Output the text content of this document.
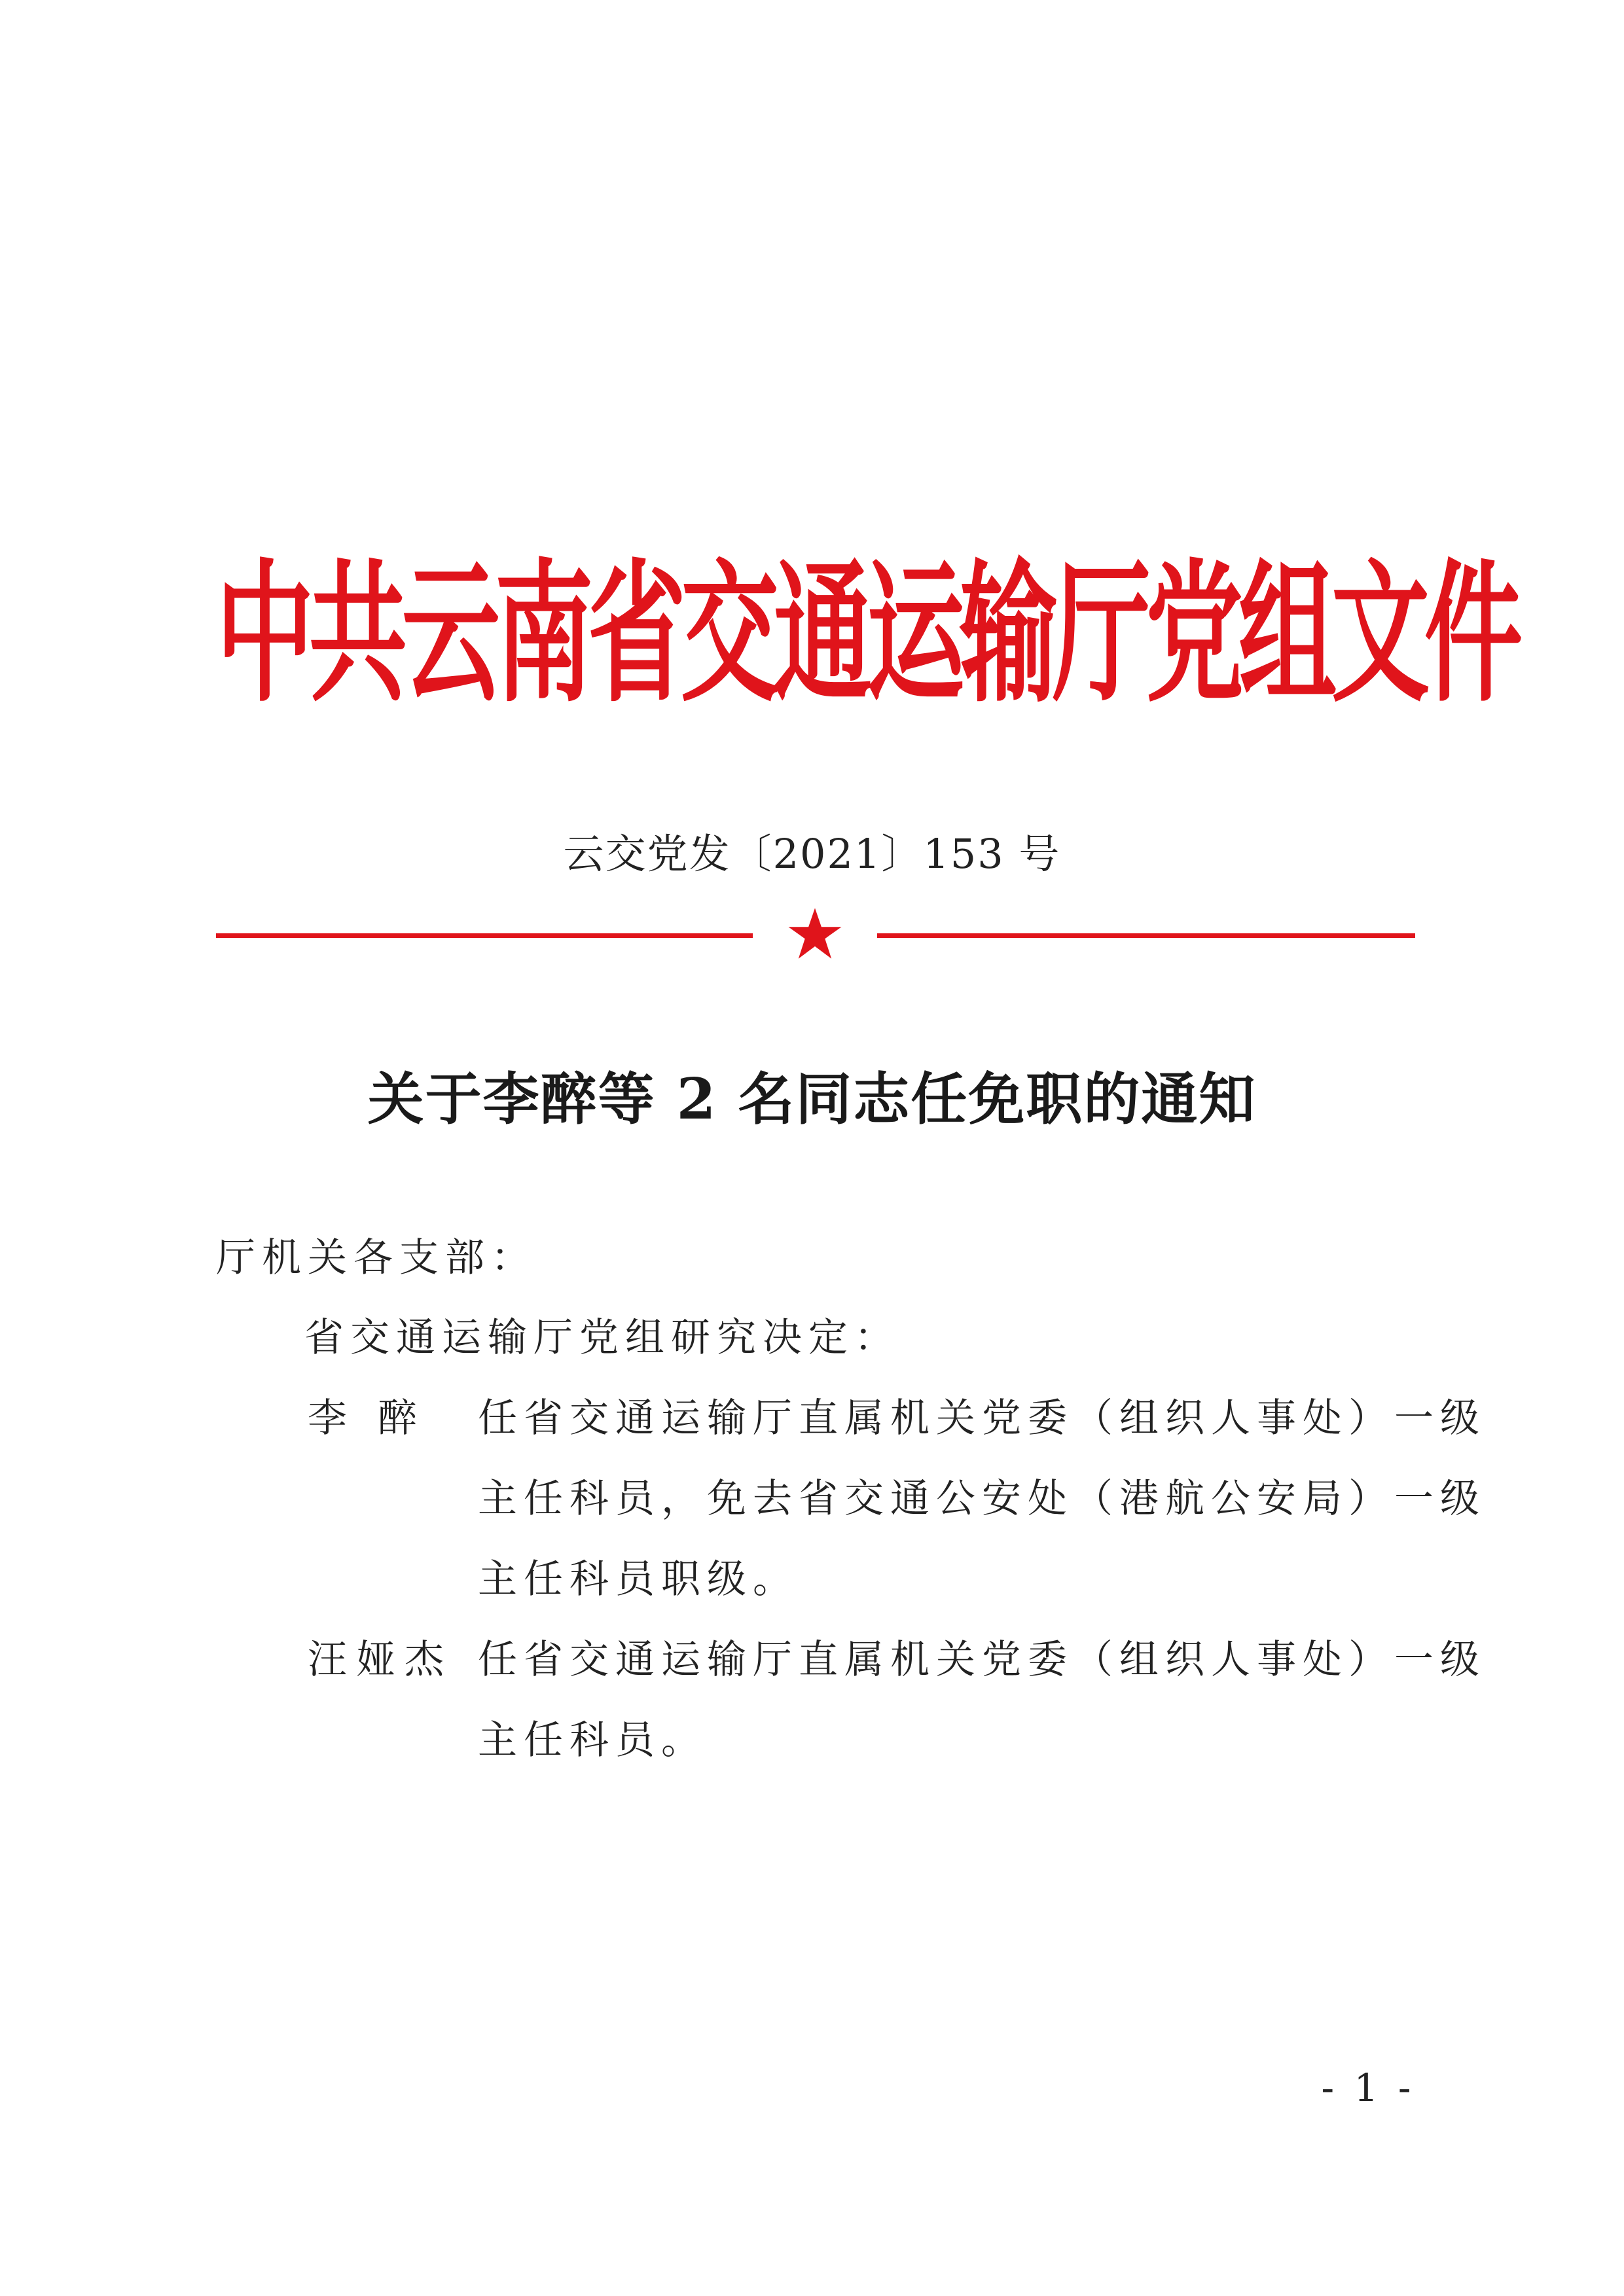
中共云南省交通运输厅党组文件
云交党发〔2021〕153 号
关于李醉等 2 名同志任免职的通知
厅机关各支部：
省交通运输厅党组研究决定：
李 醉 任省交通运输厅直属机关党委（组织人事处）一级
主任科员，免去省交通公安处（港航公安局）一级
主任科员职级。
汪娅杰 任省交通运输厅直属机关党委（组织人事处）一级
主任科员。
- 1 -
